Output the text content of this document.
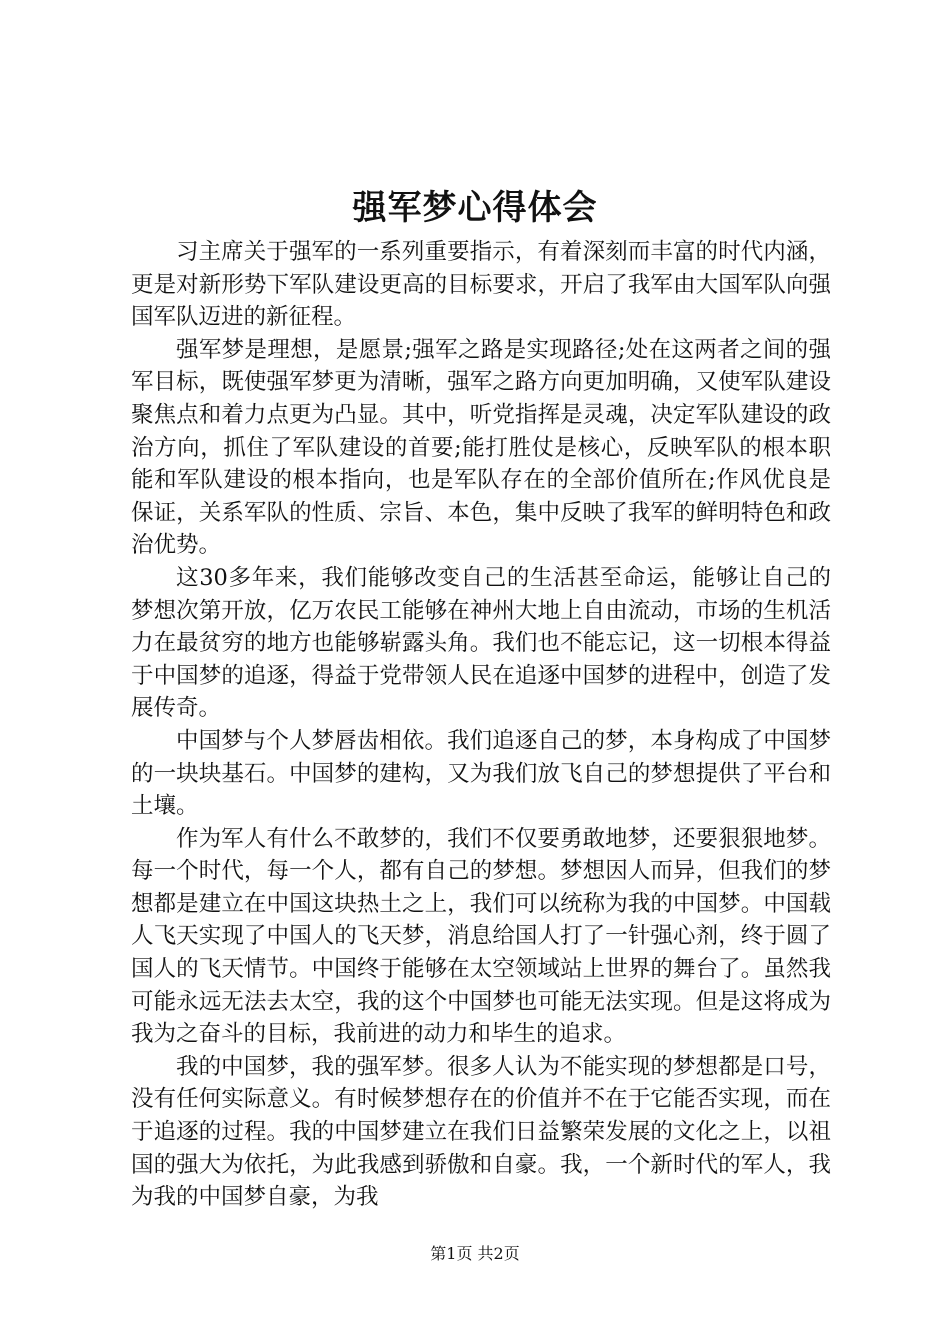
强军梦心得体会

习主席关于强军的一系列重要指示，有着深刻而丰富的时代内涵，更是对新形势下军队建设更高的目标要求，开启了我军由大国军队向强国军队迈进的新征程。

强军梦是理想，是愿景;强军之路是实现路径;处在这两者之间的强军目标，既使强军梦更为清晰，强军之路方向更加明确，又使军队建设聚焦点和着力点更为凸显。其中，听党指挥是灵魂，决定军队建设的政治方向，抓住了军队建设的首要;能打胜仗是核心，反映军队的根本职能和军队建设的根本指向，也是军队存在的全部价值所在;作风优良是保证，关系军队的性质、宗旨、本色，集中反映了我军的鲜明特色和政治优势。

这30多年来，我们能够改变自己的生活甚至命运，能够让自己的梦想次第开放，亿万农民工能够在神州大地上自由流动，市场的生机活力在最贫穷的地方也能够崭露头角。我们也不能忘记，这一切根本得益于中国梦的追逐，得益于党带领人民在追逐中国梦的进程中，创造了发展传奇。

中国梦与个人梦唇齿相依。我们追逐自己的梦，本身构成了中国梦的一块块基石。中国梦的建构，又为我们放飞自己的梦想提供了平台和土壤。

作为军人有什么不敢梦的，我们不仅要勇敢地梦，还要狠狠地梦。每一个时代，每一个人，都有自己的梦想。梦想因人而异，但我们的梦想都是建立在中国这块热土之上，我们可以统称为我的中国梦。中国载人飞天实现了中国人的飞天梦，消息给国人打了一针强心剂，终于圆了国人的飞天情节。中国终于能够在太空领域站上世界的舞台了。虽然我可能永远无法去太空，我的这个中国梦也可能无法实现。但是这将成为我为之奋斗的目标，我前进的动力和毕生的追求。

我的中国梦，我的强军梦。很多人认为不能实现的梦想都是口号，没有任何实际意义。有时候梦想存在的价值并不在于它能否实现，而在于追逐的过程。我的中国梦建立在我们日益繁荣发展的文化之上，以祖国的强大为依托，为此我感到骄傲和自豪。我，一个新时代的军人，我为我的中国梦自豪，为我

第1页 共2页
